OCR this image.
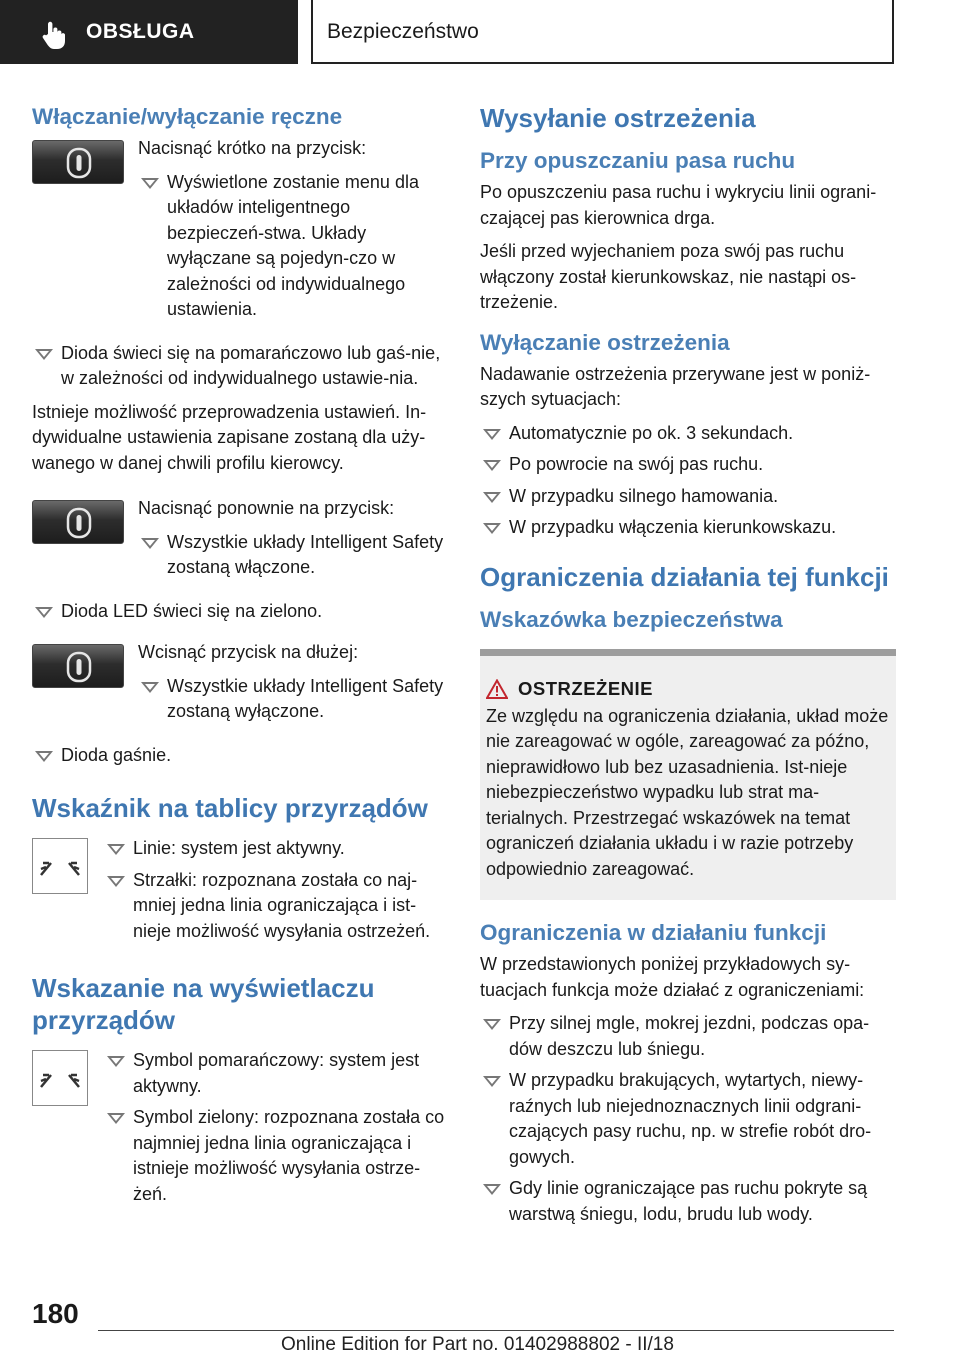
OBSŁUGA	Bezpieczeństwo
Włączanie/wyłączanie ręczne

Nacisnąć krótko na przycisk:

Wyświetlone zostanie menu dla układów inteligentnego bezpieczeń-stwa. Układy wyłączane są pojedyn-czo w zależności od indywidualnego ustawienia.
Dioda świeci się na pomarańczowo lub gaś-nie, w zależności od indywidualnego ustawie-nia.

Istnieje możliwość przeprowadzenia ustawień. In-dywidualne ustawienia zapisane zostaną dla uży-wanego w danej chwili profilu kierowcy.

Nacisnąć ponownie na przycisk:

Wszystkie układy Intelligent Safety zostaną włączone.
Dioda LED świeci się na zielono.

Wcisnąć przycisk na dłużej:

Wszystkie układy Intelligent Safety zostaną wyłączone.
Dioda gaśnie.
Wskaźnik na tablicy przyrządów
Linie: system jest aktywny.
Strzałki: rozpoznana została co naj-mniej jedna linia ograniczająca i ist-nieje możliwość wysyłania ostrzeżeń.
Wskazanie na wyświetlaczu przyrządów
Symbol pomarańczowy: system jest aktywny.
Symbol zielony: rozpoznana została co najmniej jedna linia ograniczająca i istnieje możliwość wysyłania ostrze-żeń.
Wysyłanie ostrzeżenia
Przy opuszczaniu pasa ruchu

Po opuszczeniu pasa ruchu i wykryciu linii ograni-czającej pas kierownica drga.

Jeśli przed wyjechaniem poza swój pas ruchu włączony został kierunkowskaz, nie nastąpi os-trzeżenie.

Wyłączanie ostrzeżenia

Nadawanie ostrzeżenia przerywane jest w poniż-szych sytuacjach:

Automatycznie po ok. 3 sekundach.
Po powrocie na swój pas ruchu.
W przypadku silnego hamowania.
W przypadku włączenia kierunkowskazu.
Ograniczenia działania tej funkcji
Wskazówka bezpieczeństwa
OSTRZEŻENIE

Ze względu na ograniczenia działania, układ może nie zareagować w ogóle, zareagować za późno, nieprawidłowo lub bez uzasadnienia. Ist-nieje niebezpieczeństwo wypadku lub strat ma-terialnych. Przestrzegać wskazówek na temat ograniczeń działania układu i w razie potrzeby odpowiednio zareagować.

Ograniczenia w działaniu funkcji

W przedstawionych poniżej przykładowych sy-tuacjach funkcja może działać z ograniczeniami:

Przy silnej mgle, mokrej jezdni, podczas opa-dów deszczu lub śniegu.
W przypadku brakujących, wytartych, niewy-raźnych lub niejednoznacznych linii odgrani-czających pasy ruchu, np. w strefie robót dro-gowych.
Gdy linie ograniczające pas ruchu pokryte są warstwą śniegu, lodu, brudu lub wody.
180
Online Edition for Part no. 01402988802 - II/18
